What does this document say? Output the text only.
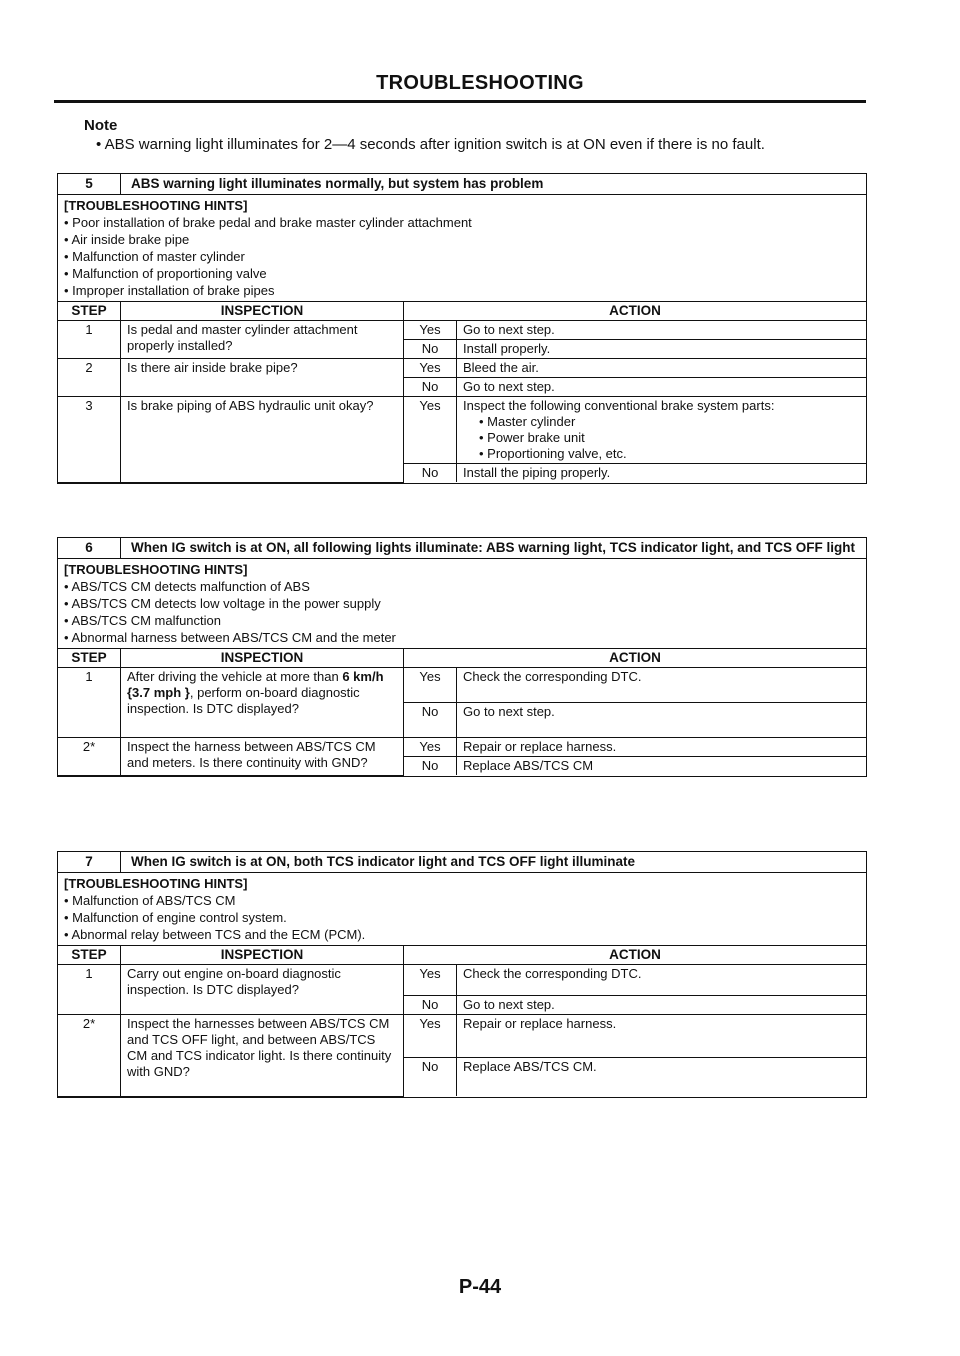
TROUBLESHOOTING
Note
• ABS warning light illuminates for 2—4 seconds after ignition switch is at ON even if there is no fault.
5	ABS warning light illuminates normally, but system has problem
[TROUBLESHOOTING HINTS]
• Poor installation of brake pedal and brake master cylinder attachment
• Air inside brake pipe
• Malfunction of master cylinder
• Malfunction of proportioning valve
• Improper installation of brake pipes
STEP	INSPECTION	ACTION	
1	Is pedal and master cylinder attachment properly installed?	Yes	Go to next step.
		No	Install properly.
2	Is there air inside brake pipe?	Yes	Bleed the air.
		No	Go to next step.
3	Is brake piping of ABS hydraulic unit okay?	Yes	Inspect the following conventional brake system parts:
• Master cylinder
• Power brake unit
• Proportioning valve, etc.

		No	Install the piping properly.
6	When IG switch is at ON, all following lights illuminate: ABS warning light, TCS indicator light, and TCS OFF light
[TROUBLESHOOTING HINTS]
• ABS/TCS CM detects malfunction of ABS
• ABS/TCS CM detects low voltage in the power supply
• ABS/TCS CM malfunction
• Abnormal harness between ABS/TCS CM and the meter
STEP	INSPECTION	ACTION	
1	After driving the vehicle at more than 6 km/h {3.7 mph }, perform on-board diagnostic inspection. Is DTC displayed?	Yes	Check the corresponding DTC.
		No	Go to next step.
2*	Inspect the harness between ABS/TCS CM and meters. Is there continuity with GND?	Yes	Repair or replace harness.
		No	Replace ABS/TCS CM
7	When IG switch is at ON, both TCS indicator light and TCS OFF light illuminate
[TROUBLESHOOTING HINTS]
• Malfunction of ABS/TCS CM
• Malfunction of engine control system.
• Abnormal relay between TCS and the ECM (PCM).
STEP	INSPECTION	ACTION	
1	Carry out engine on-board diagnostic inspection. Is DTC displayed?	Yes	Check the corresponding DTC.
		No	Go to next step.
2*	Inspect the harnesses between ABS/TCS CM and TCS OFF light, and between ABS/TCS CM and TCS indicator light. Is there continuity with GND?	Yes	Repair or replace harness.
		No	Replace ABS/TCS CM.
P-44
